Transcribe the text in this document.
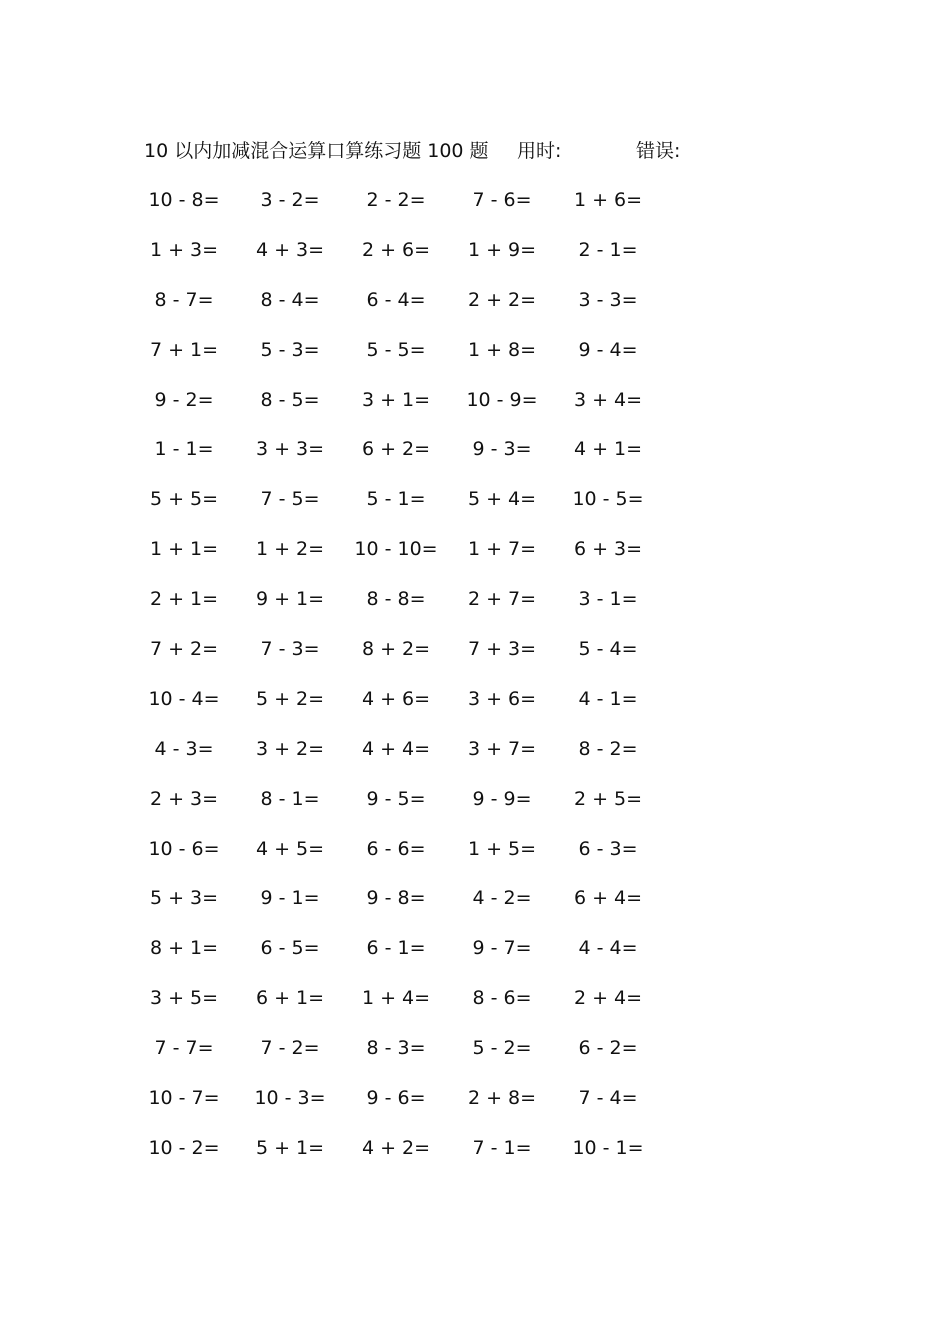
10 以内加减混合运算口算练习题 100 题 用时:	错误:
10 - 8=	3 - 2=	2 - 2=	7 - 6=	1 + 6=
1 + 3=	4 + 3=	2 + 6=	1 + 9=	2 - 1=
8 - 7=	8 - 4=	6 - 4=	2 + 2=	3 - 3=
7 + 1=	5 - 3=	5 - 5=	1 + 8=	9 - 4=
9 - 2=	8 - 5=	3 + 1=	10 - 9=	3 + 4=
1 - 1=	3 + 3=	6 + 2=	9 - 3=	4 + 1=
5 + 5=	7 - 5=	5 - 1=	5 + 4=	10 - 5=
1 + 1=	1 + 2=	10 - 10=	1 + 7=	6 + 3=
2 + 1=	9 + 1=	8 - 8=	2 + 7=	3 - 1=
7 + 2=	7 - 3=	8 + 2=	7 + 3=	5 - 4=
10 - 4=	5 + 2=	4 + 6=	3 + 6=	4 - 1=
4 - 3=	3 + 2=	4 + 4=	3 + 7=	8 - 2=
2 + 3=	8 - 1=	9 - 5=	9 - 9=	2 + 5=
10 - 6=	4 + 5=	6 - 6=	1 + 5=	6 - 3=
5 + 3=	9 - 1=	9 - 8=	4 - 2=	6 + 4=
8 + 1=	6 - 5=	6 - 1=	9 - 7=	4 - 4=
3 + 5=	6 + 1=	1 + 4=	8 - 6=	2 + 4=
7 - 7=	7 - 2=	8 - 3=	5 - 2=	6 - 2=
10 - 7=	10 - 3=	9 - 6=	2 + 8=	7 - 4=
10 - 2=	5 + 1=	4 + 2=	7 - 1=	10 - 1=
